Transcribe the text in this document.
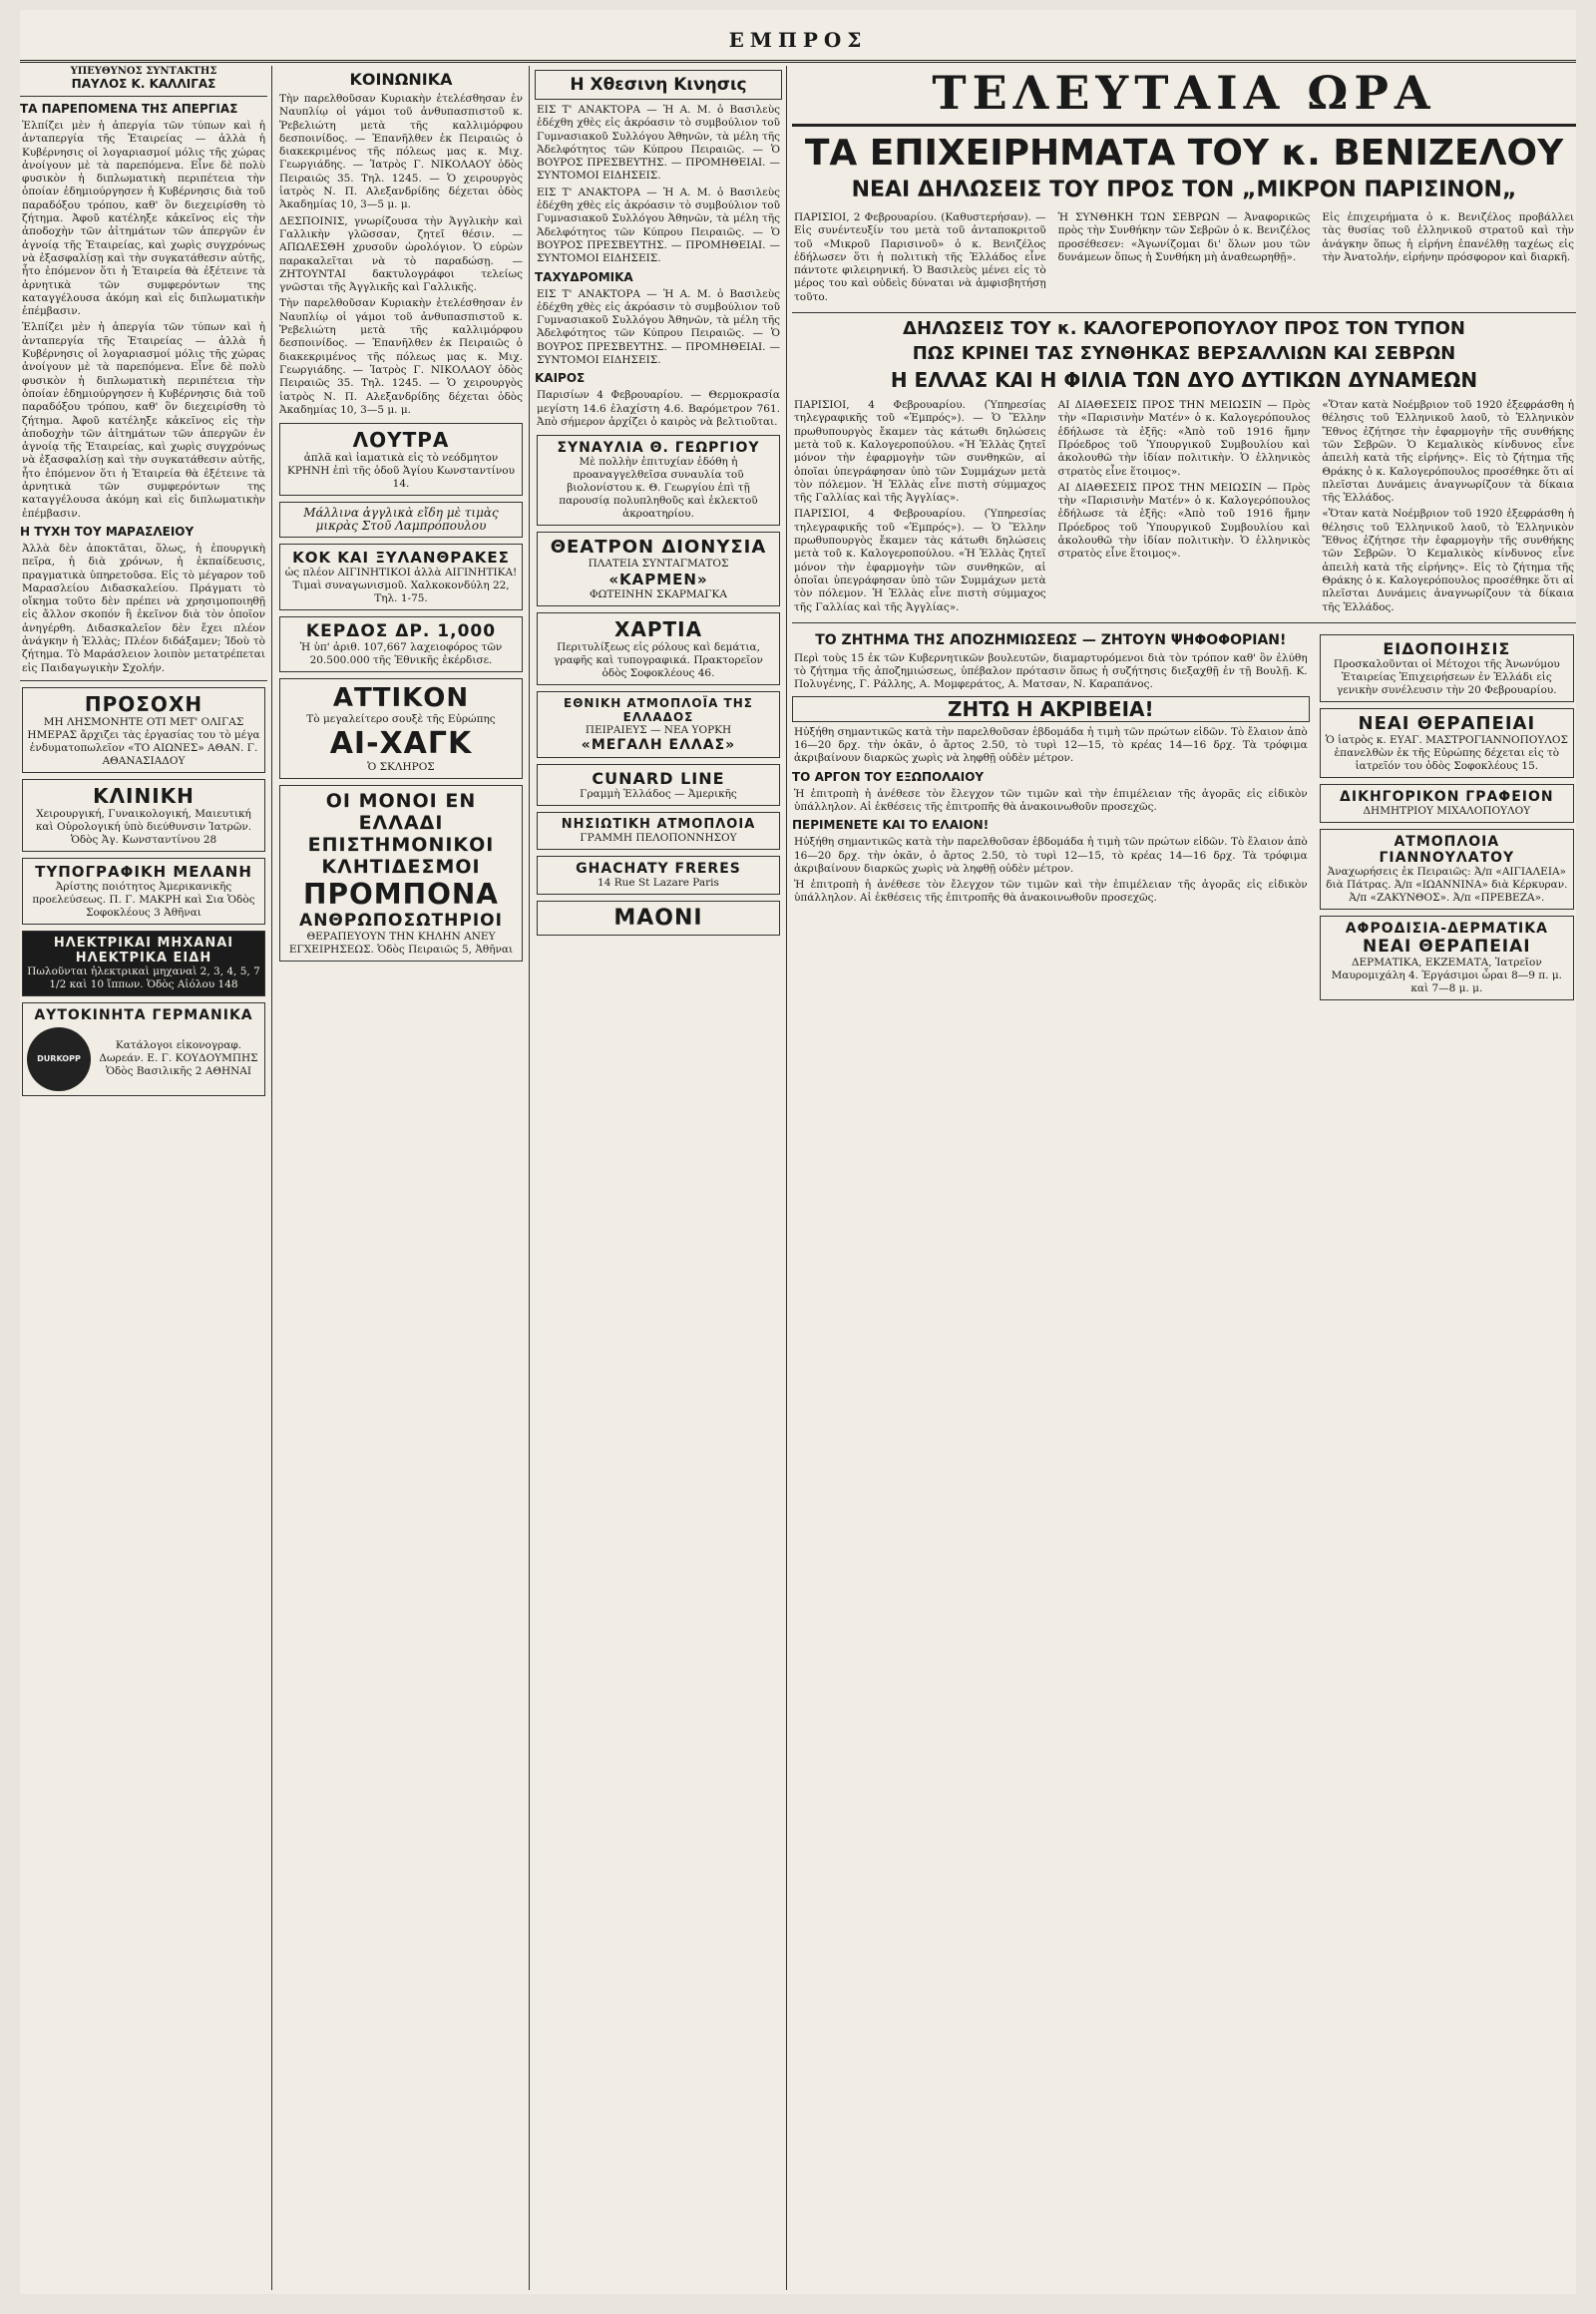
ΕΜΠΡΟΣ
ΥΠΕΥΘΥΝΟΣ ΣΥΝΤΑΚΤΗΣ
ΠΑΥΛΟΣ Κ. ΚΑΛΛΙΓΑΣ
ΤΑ ΠΑΡΕΠΟΜΕΝΑ ΤΗΣ ΑΠΕΡΓΙΑΣ
Ἐλπίζει μὲν ἡ ἀπεργία τῶν τύπων καὶ ἡ ἀνταπεργία τῆς Ἑταιρείας — ἀλλὰ ἡ Κυβέρνησις οἱ λογαριασμοί μόλις τῆς χώρας ἀνοίγουν μὲ τὰ παρεπόμενα. Εἶνε δὲ πολὺ φυσικὸν ἡ διπλωματικὴ περιπέτεια τὴν ὁποίαν ἐδημιούργησεν ἡ Κυβέρνησις διὰ τοῦ παραδόξου τρόπου, καθ' ὃν διεχειρίσθη τὸ ζήτημα. Ἀφοῦ κατέληξε κἀκεῖνος εἰς τὴν ἀποδοχὴν τῶν ἀἰτημάτων τῶν ἀπεργῶν ἐν ἀγνοίᾳ τῆς Ἑταιρείας, καὶ χωρὶς συγχρόνως νὰ ἐξασφαλίσῃ καὶ τὴν συγκατάθεσιν αὐτῆς, ἦτο ἑπόμενον ὅτι ἡ Ἑταιρεία θὰ ἐξέτεινε τὰ ἀρνητικὰ τῶν συμφερόντων της καταγγέλουσα ἀκόμη καὶ εἰς διπλωματικὴν ἐπέμβασιν.
Ἐλπίζει μὲν ἡ ἀπεργία τῶν τύπων καὶ ἡ ἀνταπεργία τῆς Ἑταιρείας — ἀλλὰ ἡ Κυβέρνησις οἱ λογαριασμοί μόλις τῆς χώρας ἀνοίγουν μὲ τὰ παρεπόμενα. Εἶνε δὲ πολὺ φυσικὸν ἡ διπλωματικὴ περιπέτεια τὴν ὁποίαν ἐδημιούργησεν ἡ Κυβέρνησις διὰ τοῦ παραδόξου τρόπου, καθ' ὃν διεχειρίσθη τὸ ζήτημα. Ἀφοῦ κατέληξε κἀκεῖνος εἰς τὴν ἀποδοχὴν τῶν ἀἰτημάτων τῶν ἀπεργῶν ἐν ἀγνοίᾳ τῆς Ἑταιρείας, καὶ χωρὶς συγχρόνως νὰ ἐξασφαλίσῃ καὶ τὴν συγκατάθεσιν αὐτῆς, ἦτο ἑπόμενον ὅτι ἡ Ἑταιρεία θὰ ἐξέτεινε τὰ ἀρνητικὰ τῶν συμφερόντων της καταγγέλουσα ἀκόμη καὶ εἰς διπλωματικὴν ἐπέμβασιν.
Η ΤΥΧΗ ΤΟΥ ΜΑΡΑΣΛΕΙΟΥ
Ἀλλὰ δὲν ἀποκτᾶται, ὅλως, ἡ ἐπουργικὴ πεῖρα, ἡ διὰ χρόνων, ἡ ἐκπαίδευσις, πραγματικὰ ὑπηρετοῦσα. Εἰς τὸ μέγαρον τοῦ Μαρασλείου Διδασκαλείου. Πράγματι τὸ οἴκημα τοῦτο δὲν πρέπει νὰ χρησιμοποιηθῇ εἰς ἄλλον σκοπόν ἢ ἐκεῖνον διὰ τὸν ὁποῖον ἀνηγέρθη. Διδασκαλεῖον δὲν ἔχει πλέον ἀνάγκην ἡ Ἑλλὰς; Πλέον διδάξαμεν; Ἰδοὺ τὸ ζήτημα. Τὸ Μαράσλειον λοιπὸν μετατρέπεται εἰς Παιδαγωγικὴν Σχολήν.
ΠΡΟΣΟΧΗ
ΜΗ ΛΗΣΜΟΝΗΤΕ ΟΤΙ ΜΕΤ' ΟΛΙΓΑΣ ΗΜΕΡΑΣ ἄρχιζει τὰς ἐργασίας του τὸ μέγα ἐνδυματοπωλεῖον «ΤΟ ΑΙΩΝΕΣ» ΑΘΑΝ. Γ. ΑΘΑΝΑΣΙΑΔΟΥ
ΚΛΙΝΙΚΗ
Χειρουργική, Γυναικολογική, Μαιευτική καὶ Οὐρολογική ὑπὸ διεύθυνσιν Ἰατρῶν. Ὁδὸς Ἁγ. Κωνσταντίνου 28
ΤΥΠΟΓΡΑΦΙΚΗ ΜΕΛΑΝΗ
Ἀρίστης ποιότητος Ἀμερικανικῆς προελεύσεως. Π. Γ. ΜΑΚΡΗ καὶ Σια Ὁδὸς Σοφοκλέους 3 Ἀθῆναι
ΗΛΕΚΤΡΙΚΑΙ ΜΗΧΑΝΑΙ ΗΛΕΚΤΡΙΚΑ ΕΙΔΗ
Πωλοῦνται ἠλεκτρικαὶ μηχαναὶ 2, 3, 4, 5, 7 1/2 καὶ 10 ἵππων. Ὁδὸς Αἰόλου 148
ΑΥΤΟΚΙΝΗΤΑ ΓΕΡΜΑΝΙΚΑ
DURKOPP
Κατάλογοι εἰκονογραφ. Δωρεάν. Ε. Γ. ΚΟΥΔΟΥΜΠΗΣ Ὁδὸς Βασιλικῆς 2 ΑΘΗΝΑΙ
ΚΟΙΝΩΝΙΚΑ
Τὴν παρελθοῦσαν Κυριακὴν ἐτελέσθησαν ἐν Ναυπλίῳ οἱ γάμοι τοῦ ἀνθυπασπιστοῦ κ. Ῥεβελιώτη μετὰ τῆς καλλιμόρφου δεσποινίδος. — Ἐπανῆλθεν ἐκ Πειραιῶς ὁ διακεκριμένος τῆς πόλεως μας κ. Μιχ. Γεωργιάδης. — Ἰατρὸς Γ. ΝΙΚΟΛΑΟΥ ὁδὸς Πειραιῶς 35. Τηλ. 1245. — Ὁ χειρουργὸς ἰατρὸς Ν. Π. Αλεξανδρίδης δέχεται ὁδὸς Ἀκαδημίας 10, 3—5 μ. μ.
ΔΕΣΠΟΙΝΙΣ, γνωρίζουσα τὴν Ἀγγλικὴν καὶ Γαλλικὴν γλῶσσαν, ζητεῖ θέσιν. — ΑΠΩΛΕΣΘΗ χρυσοῦν ὡρολόγιον. Ὁ εὑρὼν παρακαλεῖται νὰ τὸ παραδώσῃ. — ΖΗΤΟΥΝΤΑΙ δακτυλογράφοι τελείως γνῶσται τῆς Ἀγγλικῆς καὶ Γαλλικῆς.
Τὴν παρελθοῦσαν Κυριακὴν ἐτελέσθησαν ἐν Ναυπλίῳ οἱ γάμοι τοῦ ἀνθυπασπιστοῦ κ. Ῥεβελιώτη μετὰ τῆς καλλιμόρφου δεσποινίδος. — Ἐπανῆλθεν ἐκ Πειραιῶς ὁ διακεκριμένος τῆς πόλεως μας κ. Μιχ. Γεωργιάδης. — Ἰατρὸς Γ. ΝΙΚΟΛΑΟΥ ὁδὸς Πειραιῶς 35. Τηλ. 1245. — Ὁ χειρουργὸς ἰατρὸς Ν. Π. Αλεξανδρίδης δέχεται ὁδὸς Ἀκαδημίας 10, 3—5 μ. μ.
ΛΟΥΤΡΑ
ἀπλᾶ καὶ ἰαματικὰ εἰς τὸ νεόδμητον ΚΡΗΝΗ ἐπὶ τῆς ὁδοῦ Ἁγίου Κωνσταντίνου 14.
Μάλλινα ἀγγλικὰ εἴδη μὲ τιμὰς μικρὰς Στοῦ Λαμπρόπουλου
ΚΟΚ ΚΑΙ ΞΥΛΑΝΘΡΑΚΕΣ
ὡς πλέον ΑΙΓΙΝΗΤΙΚΟΙ ἀλλὰ ΑΙΓΙΝΗΤΙΚΑ! Τιμαὶ συναγωνισμοῦ. Χαλκοκονδύλη 22, Τηλ. 1-75.
ΚΕΡΔΟΣ ΔΡ. 1,000
Ἡ ὑπ' ἀριθ. 107,667 λαχειοφόρος τῶν 20.500.000 τῆς Ἐθνικῆς ἐκέρδισε.
ΑΤΤΙΚΟΝ
Τὸ μεγαλείτερο σουξὲ τῆς Εὐρώπης
ΑΙ-ΧΑΓΚ
Ὁ ΣΚΛΗΡΟΣ
ΟΙ ΜΟΝΟΙ ΕΝ ΕΛΛΑΔΙ ΕΠΙΣΤΗΜΟΝΙΚΟΙ ΚΛΗΤΙΔΕΣΜΟΙ
ΠΡΟΜΠΟΝΑ
ΑΝΘΡΩΠΟΣΩΤΗΡΙΟΙ
ΘΕΡΑΠΕΥΟΥΝ ΤΗΝ ΚΗΛΗΝ ΑΝΕΥ ΕΓΧΕΙΡΗΣΕΩΣ. Ὁδὸς Πειραιῶς 5, Ἀθῆναι
Η Χθεσινη Κινησις
ΕΙΣ Τ' ΑΝΑΚΤΟΡΑ — Ἡ Α. Μ. ὁ Βασιλεὺς ἐδέχθη χθὲς εἰς ἀκρόασιν τὸ συμβούλιον τοῦ Γυμνασιακοῦ Συλλόγου Ἀθηνῶν, τὰ μέλη τῆς Ἀδελφότητος τῶν Κύπρου Πειραιῶς. — Ὁ ΒΟΥΡΟΣ ΠΡΕΣΒΕΥΤΗΣ. — ΠΡΟΜΗΘΕΙΑΙ. — ΣΥΝΤΟΜΟΙ ΕΙΔΗΣΕΙΣ.
ΕΙΣ Τ' ΑΝΑΚΤΟΡΑ — Ἡ Α. Μ. ὁ Βασιλεὺς ἐδέχθη χθὲς εἰς ἀκρόασιν τὸ συμβούλιον τοῦ Γυμνασιακοῦ Συλλόγου Ἀθηνῶν, τὰ μέλη τῆς Ἀδελφότητος τῶν Κύπρου Πειραιῶς. — Ὁ ΒΟΥΡΟΣ ΠΡΕΣΒΕΥΤΗΣ. — ΠΡΟΜΗΘΕΙΑΙ. — ΣΥΝΤΟΜΟΙ ΕΙΔΗΣΕΙΣ.
ΤΑΧΥΔΡΟΜΙΚΑ
ΕΙΣ Τ' ΑΝΑΚΤΟΡΑ — Ἡ Α. Μ. ὁ Βασιλεὺς ἐδέχθη χθὲς εἰς ἀκρόασιν τὸ συμβούλιον τοῦ Γυμνασιακοῦ Συλλόγου Ἀθηνῶν, τὰ μέλη τῆς Ἀδελφότητος τῶν Κύπρου Πειραιῶς. — Ὁ ΒΟΥΡΟΣ ΠΡΕΣΒΕΥΤΗΣ. — ΠΡΟΜΗΘΕΙΑΙ. — ΣΥΝΤΟΜΟΙ ΕΙΔΗΣΕΙΣ.
ΚΑΙΡΟΣ
Παρισίων 4 Φεβρουαρίου. — Θερμοκρασία μεγίστη 14.6 ἐλαχίστη 4.6. Βαρόμετρον 761. Ἀπὸ σήμερον ἀρχίζει ὁ καιρὸς νὰ βελτιοῦται.
ΣΥΝΑΥΛΙΑ Θ. ΓΕΩΡΓΙΟΥ
Μὲ πολλὴν ἐπιτυχίαν ἐδόθη ἡ προαναγγελθεῖσα συναυλία τοῦ βιολονίστου κ. Θ. Γεωργίου ἐπὶ τῇ παρουσίᾳ πολυπληθοῦς καὶ ἐκλεκτοῦ ἀκροατηρίου.
ΘΕΑΤΡΟΝ ΔΙΟΝΥΣΙΑ
ΠΛΑΤΕΙΑ ΣΥΝΤΑΓΜΑΤΟΣ
«ΚΑΡΜΕΝ»
ΦΩΤΕΙΝΗΝ ΣΚΑΡΜΑΓΚΑ
ΧΑΡΤΙΑ
Περιτυλίξεως εἰς ρόλους καὶ δεμάτια, γραφῆς καὶ τυπογραφικά. Πρακτορεῖον ὁδὸς Σοφοκλέους 46.
ΕΘΝΙΚΗ ΑΤΜΟΠΛΟΪΑ ΤΗΣ ΕΛΛΑΔΟΣ
ΠΕΙΡΑΙΕΥΣ — ΝΕΑ ΥΟΡΚΗ
«ΜΕΓΑΛΗ ΕΛΛΑΣ»
CUNARD LINE
Γραμμὴ Ἑλλάδος — Ἀμερικῆς
ΝΗΣΙΩΤΙΚΗ ΑΤΜΟΠΛΟΙΑ
ΓΡΑΜΜΗ ΠΕΛΟΠΟΝΝΗΣΟΥ
GHACHATY FRERES
14 Rue St Lazare Paris
ΜΑΟΝΙ
ΤΕΛΕΥΤΑΙΑ ΩΡΑ
ΤΑ ΕΠΙΧΕΙΡΗΜΑΤΑ ΤΟΥ κ. ΒΕΝΙΖΕΛΟΥ
ΝΕΑΙ ΔΗΛΩΣΕΙΣ ΤΟΥ ΠΡΟΣ ΤΟΝ „ΜΙΚΡΟΝ ΠΑΡΙΣΙΝΟΝ„
ΠΑΡΙΣΙΟΙ, 2 Φεβρουαρίου. (Καθυστερήσαν). — Εἰς συνέντευξίν του μετὰ τοῦ ἀνταποκριτοῦ τοῦ «Μικροῦ Παρισινοῦ» ὁ κ. Βενιζέλος ἐδήλωσεν ὅτι ἡ πολιτικὴ τῆς Ἑλλάδος εἶνε πάντοτε φιλειρηνική. Ὁ Βασιλεὺς μένει εἰς τὸ μέρος του καὶ οὐδεὶς δύναται νὰ ἀμφισβητήσῃ τοῦτο.
Ἡ ΣΥΝΘΗΚΗ ΤΩΝ ΣΕΒΡΩΝ — Ἀναφορικῶς πρὸς τὴν Συνθήκην τῶν Σεβρῶν ὁ κ. Βενιζέλος προσέθεσεν: «Ἀγωνίζομαι δι' ὅλων μου τῶν δυνάμεων ὅπως ἡ Συνθήκη μὴ ἀναθεωρηθῇ».
Εἰς ἐπιχειρήματα ὁ κ. Βενιζέλος προβάλλει τὰς θυσίας τοῦ ἑλληνικοῦ στρατοῦ καὶ τὴν ἀνάγκην ὅπως ἡ εἰρήνη ἐπανέλθῃ ταχέως εἰς τὴν Ἀνατολήν, εἰρήνην πρόσφορον καὶ διαρκῆ.
ΔΗΛΩΣΕΙΣ ΤΟΥ κ. ΚΑΛΟΓΕΡΟΠΟΥΛΟΥ ΠΡΟΣ ΤΟΝ ΤΥΠΟΝ
ΠΩΣ ΚΡΙΝΕΙ ΤΑΣ ΣΥΝΘΗΚΑΣ ΒΕΡΣΑΛΛΙΩΝ ΚΑΙ ΣΕΒΡΩΝ
Η ΕΛΛΑΣ ΚΑΙ Η ΦΙΛΙΑ ΤΩΝ ΔΥΟ ΔΥΤΙΚΩΝ ΔΥΝΑΜΕΩΝ
ΠΑΡΙΣΙΟΙ, 4 Φεβρουαρίου. (Ὑπηρεσίας τηλεγραφικῆς τοῦ «Ἐμπρός»). — Ὁ Ἕλλην πρωθυπουργὸς ἔκαμεν τὰς κάτωθι δηλώσεις μετὰ τοῦ κ. Καλογεροπούλου. «Ἡ Ἑλλὰς ζητεῖ μόνον τὴν ἐφαρμογὴν τῶν συνθηκῶν, αἱ ὁποῖαι ὑπεγράφησαν ὑπὸ τῶν Συμμάχων μετὰ τὸν πόλεμον. Ἡ Ἑλλὰς εἶνε πιστὴ σύμμαχος τῆς Γαλλίας καὶ τῆς Ἀγγλίας».
ΠΑΡΙΣΙΟΙ, 4 Φεβρουαρίου. (Ὑπηρεσίας τηλεγραφικῆς τοῦ «Ἐμπρός»). — Ὁ Ἕλλην πρωθυπουργὸς ἔκαμεν τὰς κάτωθι δηλώσεις μετὰ τοῦ κ. Καλογεροπούλου. «Ἡ Ἑλλὰς ζητεῖ μόνον τὴν ἐφαρμογὴν τῶν συνθηκῶν, αἱ ὁποῖαι ὑπεγράφησαν ὑπὸ τῶν Συμμάχων μετὰ τὸν πόλεμον. Ἡ Ἑλλὰς εἶνε πιστὴ σύμμαχος τῆς Γαλλίας καὶ τῆς Ἀγγλίας».
ΑΙ ΔΙΑΘΕΣΕΙΣ ΠΡΟΣ ΤΗΝ ΜΕΙΩΣΙΝ — Πρὸς τὴν «Παρισινὴν Ματέν» ὁ κ. Καλογερόπουλος ἐδήλωσε τὰ ἑξῆς: «Ἀπὸ τοῦ 1916 ἤμην Πρόεδρος τοῦ Ὑπουργικοῦ Συμβουλίου καὶ ἀκολουθῶ τὴν ἰδίαν πολιτικὴν. Ὁ ἑλληνικὸς στρατὸς εἶνε ἕτοιμος».
ΑΙ ΔΙΑΘΕΣΕΙΣ ΠΡΟΣ ΤΗΝ ΜΕΙΩΣΙΝ — Πρὸς τὴν «Παρισινὴν Ματέν» ὁ κ. Καλογερόπουλος ἐδήλωσε τὰ ἑξῆς: «Ἀπὸ τοῦ 1916 ἤμην Πρόεδρος τοῦ Ὑπουργικοῦ Συμβουλίου καὶ ἀκολουθῶ τὴν ἰδίαν πολιτικὴν. Ὁ ἑλληνικὸς στρατὸς εἶνε ἕτοιμος».
«Ὅταν κατὰ Νοέμβριον τοῦ 1920 ἐξεφράσθη ἡ θέλησις τοῦ Ἑλληνικοῦ λαοῦ, τὸ Ἑλληνικὸν Ἔθνος ἐζήτησε τὴν ἐφαρμογὴν τῆς συνθήκης τῶν Σεβρῶν. Ὁ Κεμαλικὸς κίνδυνος εἶνε ἀπειλὴ κατὰ τῆς εἰρήνης». Εἰς τὸ ζήτημα τῆς Θράκης ὁ κ. Καλογερόπουλος προσέθηκε ὅτι αἱ πλεῖσται Δυνάμεις ἀναγνωρίζουν τὰ δίκαια τῆς Ἑλλάδος.
«Ὅταν κατὰ Νοέμβριον τοῦ 1920 ἐξεφράσθη ἡ θέλησις τοῦ Ἑλληνικοῦ λαοῦ, τὸ Ἑλληνικὸν Ἔθνος ἐζήτησε τὴν ἐφαρμογὴν τῆς συνθήκης τῶν Σεβρῶν. Ὁ Κεμαλικὸς κίνδυνος εἶνε ἀπειλὴ κατὰ τῆς εἰρήνης». Εἰς τὸ ζήτημα τῆς Θράκης ὁ κ. Καλογερόπουλος προσέθηκε ὅτι αἱ πλεῖσται Δυνάμεις ἀναγνωρίζουν τὰ δίκαια τῆς Ἑλλάδος.
ΤΟ ΖΗΤΗΜΑ ΤΗΣ ΑΠΟΖΗΜΙΩΣΕΩΣ — ΖΗΤΟΥΝ ΨΗΦΟΦΟΡΙΑΝ!
Περὶ τοὺς 15 ἐκ τῶν Κυβερνητικῶν βουλευτῶν, διαμαρτυρόμενοι διὰ τὸν τρόπον καθ' ὃν ἐλύθη τὸ ζήτημα τῆς ἀποζημιώσεως, ὑπέβαλον πρότασιν ὅπως ἡ συζήτησις διεξαχθῇ ἐν τῇ Βουλῇ. Κ. Πολυγένης, Γ. Ράλλης, Α. Μομφεράτος, Α. Ματσαν, Ν. Καραπάνος.
ΖΗΤΩ Η ΑΚΡΙΒΕΙΑ!
Ηὐξήθη σημαντικῶς κατὰ τὴν παρελθοῦσαν ἑβδομάδα ἡ τιμὴ τῶν πρώτων εἰδῶν. Τὸ ἔλαιον ἀπὸ 16—20 δρχ. τὴν ὀκᾶν, ὁ ἄρτος 2.50, τὸ τυρὶ 12—15, τὸ κρέας 14—16 δρχ. Τὰ τρόφιμα ἀκριβαίνουν διαρκῶς χωρὶς νὰ ληφθῇ οὐδὲν μέτρον.
ΤΟ ΑΡΓΟΝ ΤΟΥ ΕΞΩΠΟΛΑΙΟΥ
Ἡ ἐπιτροπὴ ἡ ἀνέθεσε τὸν ἔλεγχον τῶν τιμῶν καὶ τὴν ἐπιμέλειαν τῆς ἀγορᾶς εἰς εἰδικὸν ὑπάλληλον. Αἱ ἐκθέσεις τῆς ἐπιτροπῆς θὰ ἀνακοινωθοῦν προσεχῶς.
ΠΕΡΙΜΕΝΕΤΕ ΚΑΙ ΤΟ ΕΛΑΙΟΝ!
Ηὐξήθη σημαντικῶς κατὰ τὴν παρελθοῦσαν ἑβδομάδα ἡ τιμὴ τῶν πρώτων εἰδῶν. Τὸ ἔλαιον ἀπὸ 16—20 δρχ. τὴν ὀκᾶν, ὁ ἄρτος 2.50, τὸ τυρὶ 12—15, τὸ κρέας 14—16 δρχ. Τὰ τρόφιμα ἀκριβαίνουν διαρκῶς χωρὶς νὰ ληφθῇ οὐδὲν μέτρον.
Ἡ ἐπιτροπὴ ἡ ἀνέθεσε τὸν ἔλεγχον τῶν τιμῶν καὶ τὴν ἐπιμέλειαν τῆς ἀγορᾶς εἰς εἰδικὸν ὑπάλληλον. Αἱ ἐκθέσεις τῆς ἐπιτροπῆς θὰ ἀνακοινωθοῦν προσεχῶς.
ΕΙΔΟΠΟΙΗΣΙΣ
Προσκαλοῦνται οἱ Μέτοχοι τῆς Ἀνωνύμου Ἑταιρείας Ἐπιχειρήσεων ἐν Ἑλλάδι εἰς γενικὴν συνέλευσιν τὴν 20 Φεβρουαρίου.
ΝΕΑΙ ΘΕΡΑΠΕΙΑΙ
Ὁ ἰατρὸς κ. ΕΥΑΓ. ΜΑΣΤΡΟΓΙΑΝΝΟΠΟΥΛΟΣ ἐπανελθὼν ἐκ τῆς Εὐρώπης δέχεται εἰς τὸ ἰατρεῖόν του ὁδὸς Σοφοκλέους 15.
ΔΙΚΗΓΟΡΙΚΟΝ ΓΡΑΦΕΙΟΝ
ΔΗΜΗΤΡΙΟΥ ΜΙΧΑΛΟΠΟΥΛΟΥ
ΑΤΜΟΠΛΟΙΑ ΓΙΑΝΝΟΥΛΑΤΟΥ
Ἀναχωρήσεις ἐκ Πειραιῶς: Ἀ/π «ΑΙΓΙΑΛΕΙΑ» διὰ Πάτρας. Ἀ/π «ΙΩΑΝΝΙΝΑ» διὰ Κέρκυραν. Ἀ/π «ΖΑΚΥΝΘΟΣ». Ἀ/π «ΠΡΕΒΕΖΑ».
ΑΦΡΟΔΙΣΙΑ-ΔΕΡΜΑΤΙΚΑ
ΝΕΑΙ ΘΕΡΑΠΕΙΑΙ
ΔΕΡΜΑΤΙΚΑ, ΕΚΖΕΜΑΤΑ, Ἰατρεῖον Μαυρομιχάλη 4. Ἐργάσιμοι ὧραι 8—9 π. μ. καὶ 7—8 μ. μ.
